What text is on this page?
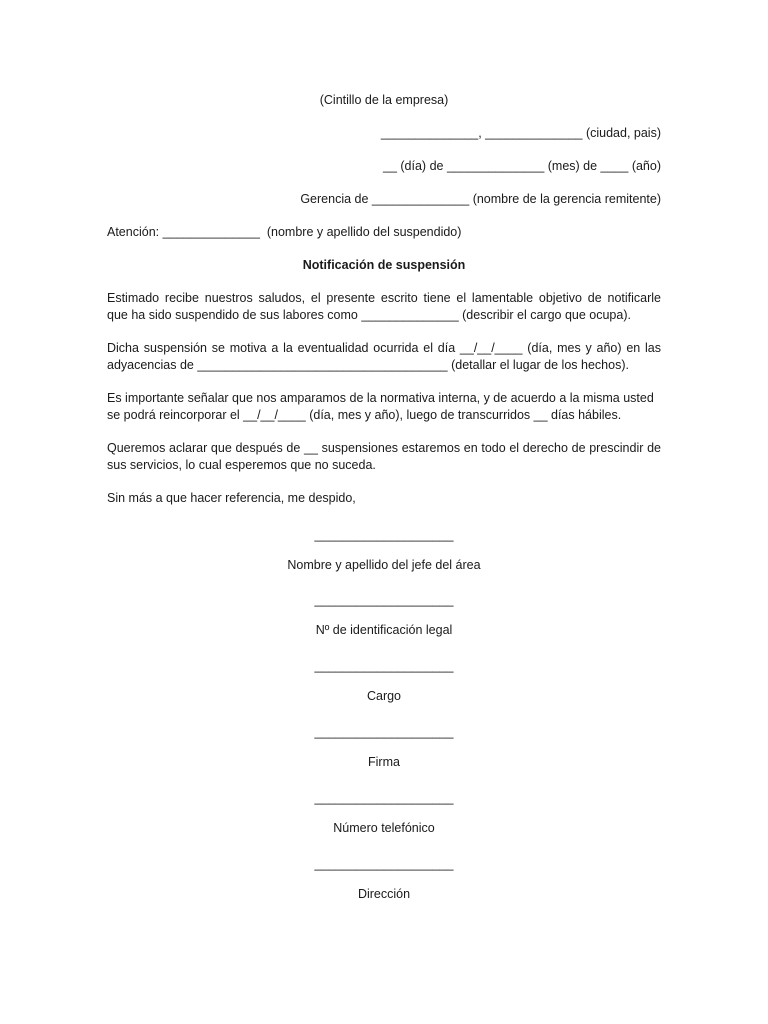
(Cintillo de la empresa)
______________, ______________ (ciudad, pais)
__ (día) de ______________ (mes) de ____ (año)
Gerencia de ______________ (nombre de la gerencia remitente)
Atención: ______________  (nombre y apellido del suspendido)
Notificación de suspensión
Estimado recibe nuestros saludos, el presente escrito tiene el lamentable objetivo de notificarle
que ha sido suspendido de sus labores como ______________ (describir el cargo que ocupa).
Dicha suspensión se motiva a la eventualidad ocurrida el día __/__/____ (día, mes y año) en las
adyacencias de ____________________________________ (detallar el lugar de los hechos).
Es importante señalar que nos amparamos de la normativa interna, y de acuerdo a la misma usted
se podrá reincorporar el __/__/____ (día, mes y año), luego de transcurridos __ días hábiles.
Queremos aclarar que después de __ suspensiones estaremos en todo el derecho de prescindir de
sus servicios, lo cual esperemos que no suceda.
Sin más a que hacer referencia, me despido,
____________________
Nombre y apellido del jefe del área
____________________
Nº de identificación legal
____________________
Cargo
____________________
Firma
____________________
Número telefónico
____________________
Dirección
